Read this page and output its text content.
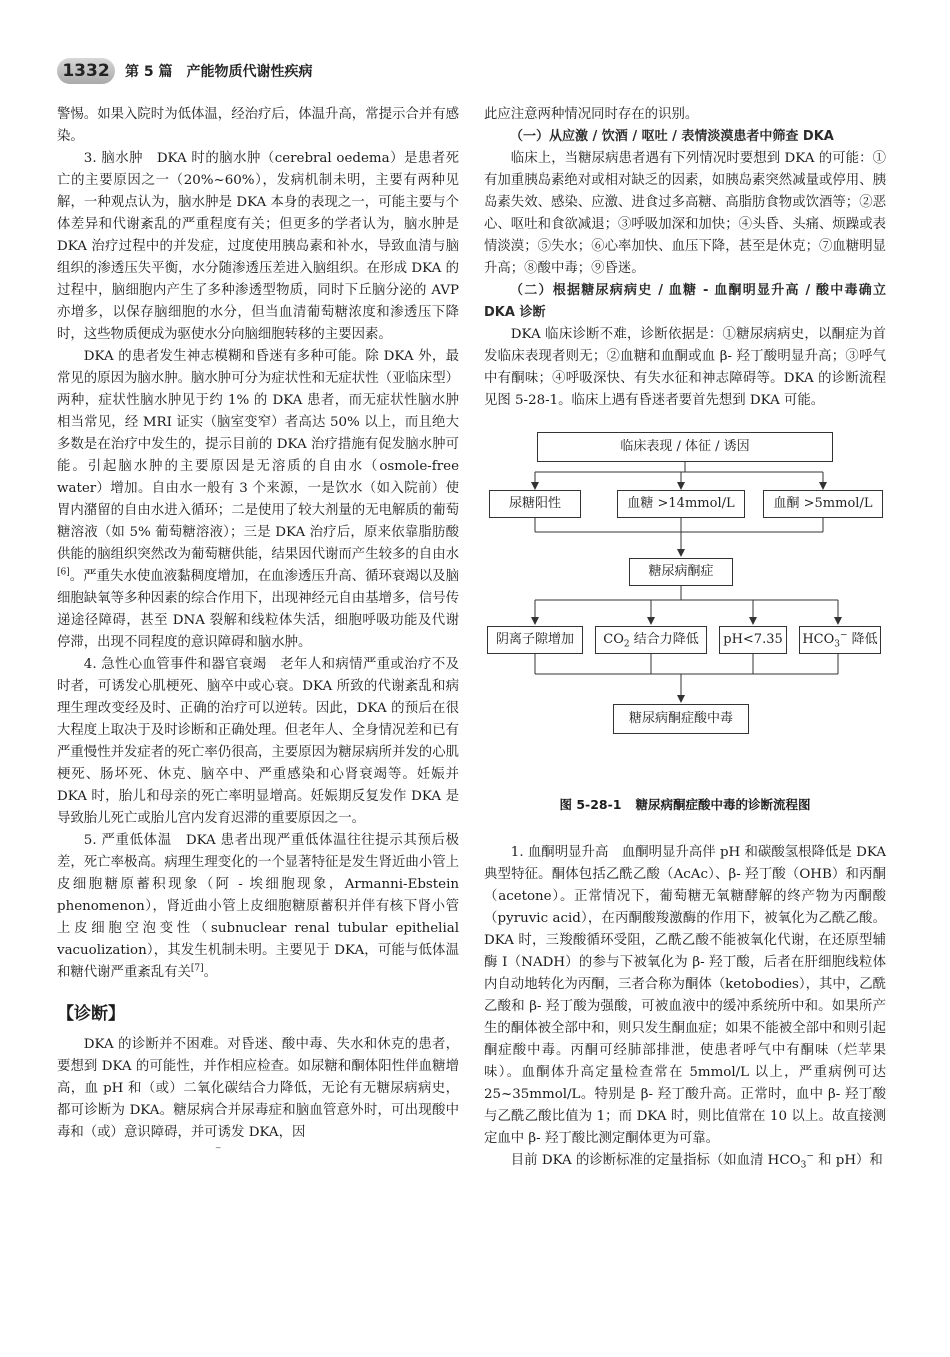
1332	第 5 篇　产能物质代谢性疾病

警惕。如果入院时为低体温，经治疗后，体温升高，常提示合并有感染。

3. 脑水肿　DKA 时的脑水肿（cerebral oedema）是患者死亡的主要原因之一（20%~60%），发病机制未明，主要有两种见解，一种观点认为，脑水肿是 DKA 本身的表现之一，可能主要与个体差异和代谢紊乱的严重程度有关；但更多的学者认为，脑水肿是 DKA 治疗过程中的并发症，过度使用胰岛素和补水，导致血清与脑组织的渗透压失平衡，水分随渗透压差进入脑组织。在形成 DKA 的过程中，脑细胞内产生了多种渗透型物质，同时下丘脑分泌的 AVP 亦增多，以保存脑细胞的水分，但当血清葡萄糖浓度和渗透压下降时，这些物质便成为驱使水分向脑细胞转移的主要因素。

DKA 的患者发生神志模糊和昏迷有多种可能。除 DKA 外，最常见的原因为脑水肿。脑水肿可分为症状性和无症状性（亚临床型）两种，症状性脑水肿见于约 1% 的 DKA 患者，而无症状性脑水肿相当常见，经 MRI 证实（脑室变窄）者高达 50% 以上，而且绝大多数是在治疗中发生的，提示目前的 DKA 治疗措施有促发脑水肿可能。引起脑水肿的主要原因是无溶质的自由水（osmole-free water）增加。自由水一般有 3 个来源，一是饮水（如入院前）使胃内潴留的自由水进入循环；二是使用了较大剂量的无电解质的葡萄糖溶液（如 5% 葡萄糖溶液）；三是 DKA 治疗后，原来依靠脂肪酸供能的脑组织突然改为葡萄糖供能，结果因代谢而产生较多的自由水[6]。严重失水使血液黏稠度增加，在血渗透压升高、循环衰竭以及脑细胞缺氧等多种因素的综合作用下，出现神经元自由基增多，信号传递途径障碍，甚至 DNA 裂解和线粒体失活，细胞呼吸功能及代谢停滞，出现不同程度的意识障碍和脑水肿。

4. 急性心血管事件和器官衰竭　老年人和病情严重或治疗不及时者，可诱发心肌梗死、脑卒中或心衰。DKA 所致的代谢紊乱和病理生理改变经及时、正确的治疗可以逆转。因此，DKA 的预后在很大程度上取决于及时诊断和正确处理。但老年人、全身情况差和已有严重慢性并发症者的死亡率仍很高，主要原因为糖尿病所并发的心肌梗死、肠坏死、休克、脑卒中、严重感染和心肾衰竭等。妊娠并 DKA 时，胎儿和母亲的死亡率明显增高。妊娠期反复发作 DKA 是导致胎儿死亡或胎儿宫内发育迟滞的重要原因之一。

5. 严重低体温　DKA 患者出现严重低体温往往提示其预后极差，死亡率极高。病理生理变化的一个显著特征是发生肾近曲小管上皮细胞糖原蓄积现象（阿 - 埃细胞现象，Armanni-Ebstein phenomenon），肾近曲小管上皮细胞糖原蓄积并伴有核下肾小管上皮细胞空泡变性（subnuclear renal tubular epithelial vacuolization），其发生机制未明。主要见于 DKA，可能与低体温和糖代谢严重紊乱有关[7]。

【诊断】

DKA 的诊断并不困难。对昏迷、酸中毒、失水和休克的患者，要想到 DKA 的可能性，并作相应检查。如尿糖和酮体阳性伴血糖增高，血 pH 和（或）二氧化碳结合力降低，无论有无糖尿病病史，都可诊断为 DKA。糖尿病合并尿毒症和脑血管意外时，可出现酸中毒和（或）意识障碍，并可诱发 DKA，因

⁻

此应注意两种情况同时存在的识别。

（一）从应激 / 饮酒 / 呕吐 / 表情淡漠患者中筛查 DKA

临床上，当糖尿病患者遇有下列情况时要想到 DKA 的可能：①有加重胰岛素绝对或相对缺乏的因素，如胰岛素突然减量或停用、胰岛素失效、感染、应激、进食过多高糖、高脂肪食物或饮酒等；②恶心、呕吐和食欲减退；③呼吸加深和加快；④头昏、头痛、烦躁或表情淡漠；⑤失水；⑥心率加快、血压下降，甚至是休克；⑦血糖明显升高；⑧酸中毒；⑨昏迷。

（二）根据糖尿病病史 / 血糖 - 血酮明显升高 / 酸中毒确立 DKA 诊断

DKA 临床诊断不难，诊断依据是：①糖尿病病史，以酮症为首发临床表现者则无；②血糖和血酮或血 β- 羟丁酸明显升高；③呼气中有酮味；④呼吸深快、有失水征和神志障碍等。DKA 的诊断流程见图 5-28-1。临床上遇有昏迷者要首先想到 DKA 可能。

临床表现 / 体征 / 诱因
尿糖阳性	血糖 >14mmol/L	血酮 >5mmol/L
糖尿病酮症
阴离子隙增加	$CO_2$ 结合力降低	pH<7.35	$HCO_3^-$ 降低
糖尿病酮症酸中毒
图 5-28-1 糖尿病酮症酸中毒的诊断流程图

1. 血酮明显升高　血酮明显升高伴 pH 和碳酸氢根降低是 DKA 典型特征。酮体包括乙酰乙酸（AcAc）、β- 羟丁酸（OHB）和丙酮（acetone）。正常情况下，葡萄糖无氧糖酵解的终产物为丙酮酸（pyruvic acid），在丙酮酸羧激酶的作用下，被氧化为乙酰乙酸。DKA 时，三羧酸循环受阻，乙酰乙酸不能被氧化代谢，在还原型辅酶 I（NADH）的参与下被氧化为 β- 羟丁酸，后者在肝细胞线粒体内自动地转化为丙酮，三者合称为酮体（ketobodies），其中，乙酰乙酸和 β- 羟丁酸为强酸，可被血液中的缓冲系统所中和。如果所产生的酮体被全部中和，则只发生酮血症；如果不能被全部中和则引起酮症酸中毒。丙酮可经肺部排泄，使患者呼气中有酮味（烂苹果味）。血酮体升高定量检查常在 5mmol/L 以上，严重病例可达 25~35mmol/L。特别是 β- 羟丁酸升高。正常时，血中 β- 羟丁酸与乙酰乙酸比值为 1；而 DKA 时，则比值常在 10 以上。故直接测定血中 β- 羟丁酸比测定酮体更为可靠。

目前 DKA 的诊断标准的定量指标（如血清 $HCO_3^-$ 和 pH）和
